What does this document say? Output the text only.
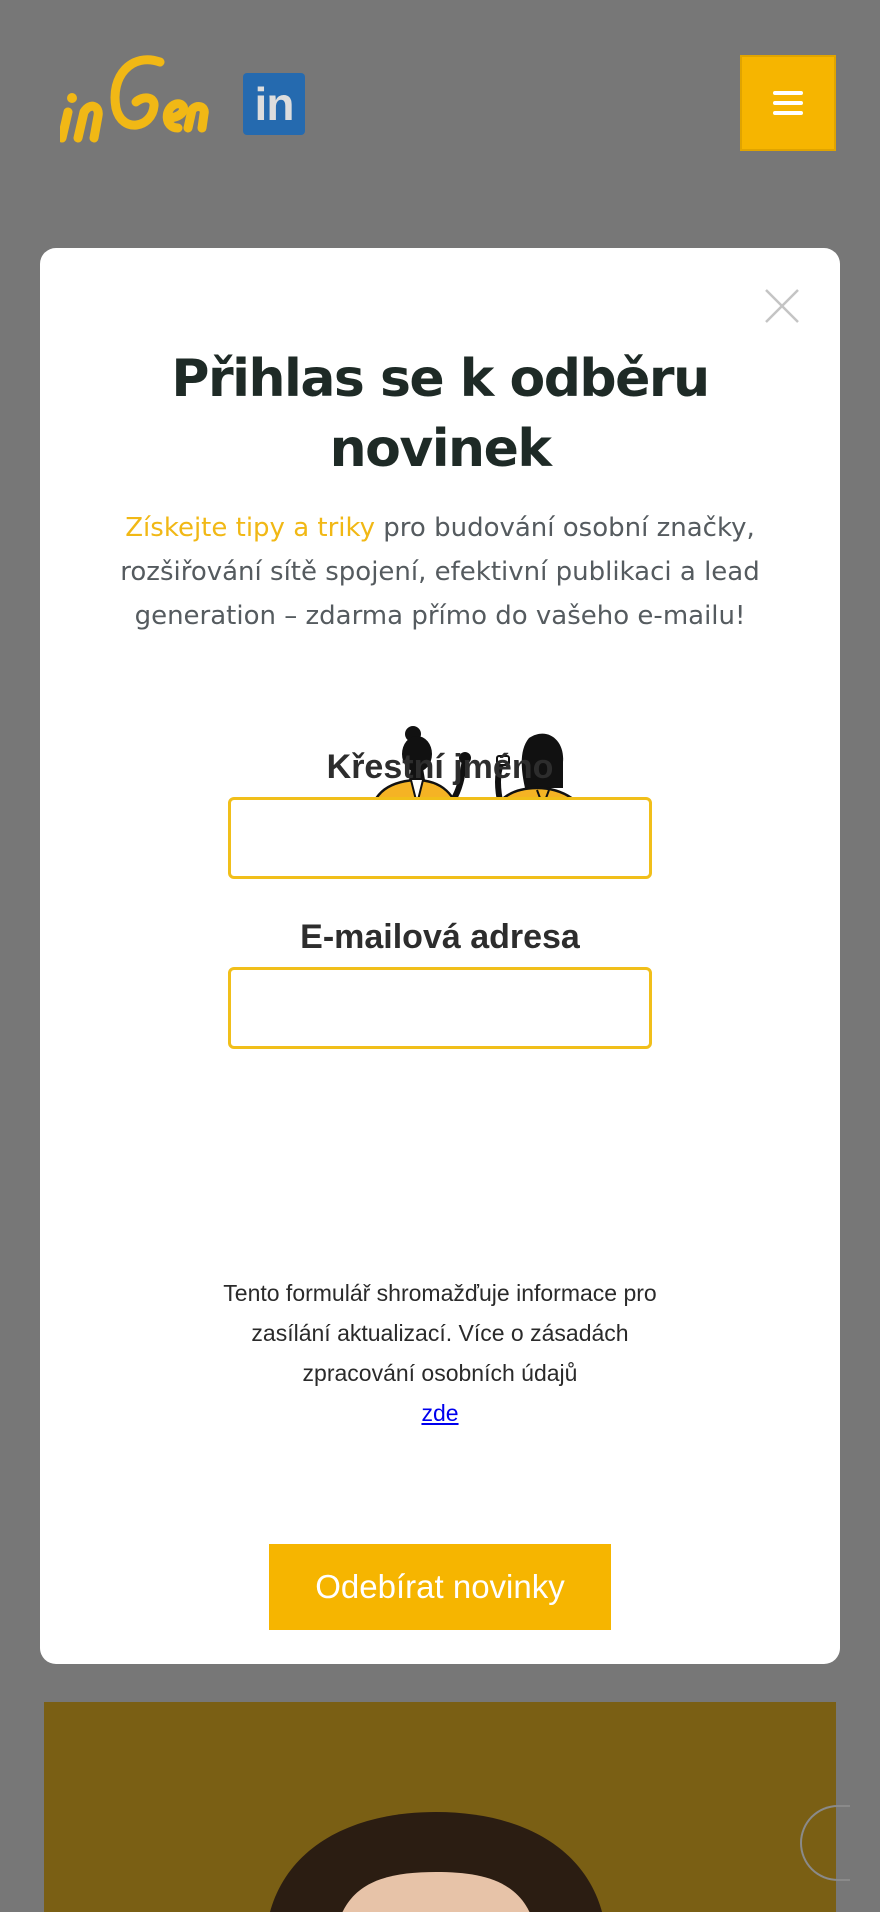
in
Přihlas se k odběru
novinek

Získejte tipy a triky pro budování osobní značky, rozšiřování sítě spojení, efektivní publikaci a lead generation – zdarma přímo do vašeho e-mailu!

Křestní jméno
E-mailová adresa

Tento formulář shromažďuje informace pro zasílání aktualizací. Více o zásadách zpracování osobních údajů
zde

Odebírat novinky
